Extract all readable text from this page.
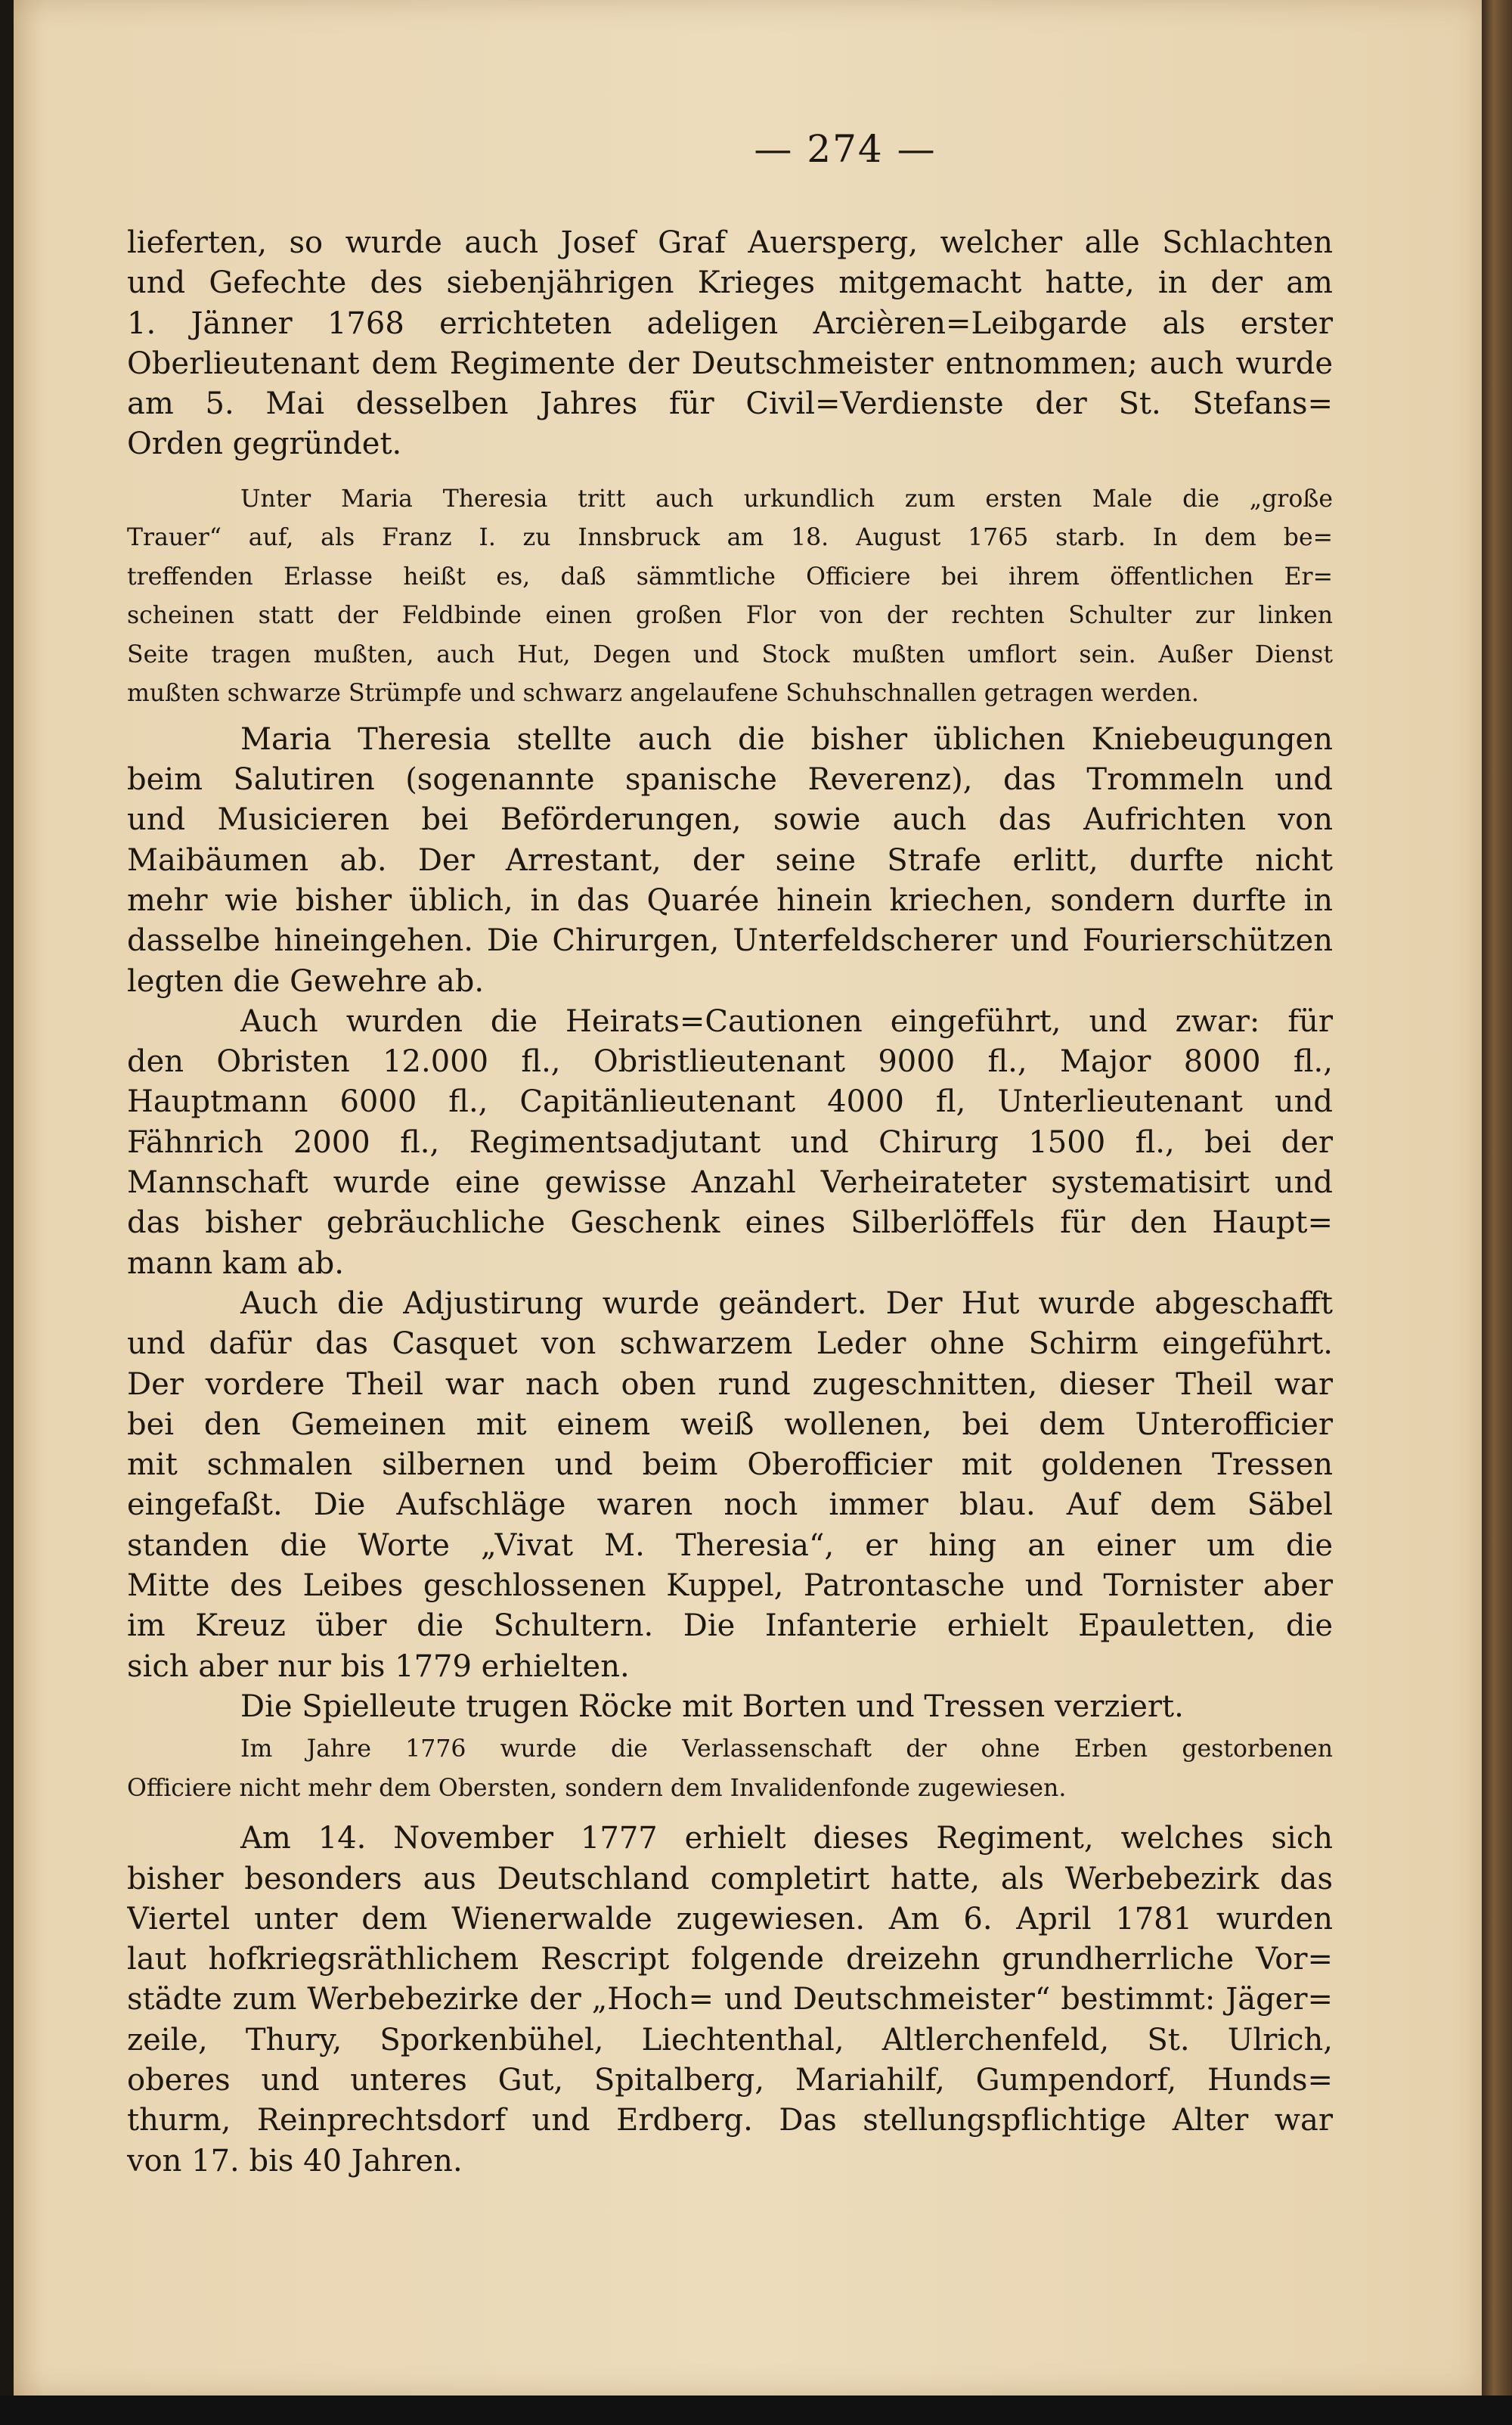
— 274 —
lieferten, so wurde auch Josef Graf Auersperg, welcher alle Schlachten
und Gefechte des siebenjährigen Krieges mitgemacht hatte, in der am
1. Jänner 1768 errichteten adeligen Arcièren=Leibgarde als erster
Oberlieutenant dem Regimente der Deutschmeister entnommen; auch wurde
am 5. Mai desselben Jahres für Civil=Verdienste der St. Stefans=
Orden gegründet.
Unter Maria Theresia tritt auch urkundlich zum ersten Male die „große
Trauer“ auf, als Franz I. zu Innsbruck am 18. August 1765 starb. In dem be=
treffenden Erlasse heißt es, daß sämmtliche Officiere bei ihrem öffentlichen Er=
scheinen statt der Feldbinde einen großen Flor von der rechten Schulter zur linken
Seite tragen mußten, auch Hut, Degen und Stock mußten umflort sein. Außer Dienst
mußten schwarze Strümpfe und schwarz angelaufene Schuhschnallen getragen werden.
Maria Theresia stellte auch die bisher üblichen Kniebeugungen
beim Salutiren (sogenannte spanische Reverenz), das Trommeln und
und Musicieren bei Beförderungen, sowie auch das Aufrichten von
Maibäumen ab. Der Arrestant, der seine Strafe erlitt, durfte nicht
mehr wie bisher üblich, in das Quarée hinein kriechen, sondern durfte in
dasselbe hineingehen. Die Chirurgen, Unterfeldscherer und Fourierschützen
legten die Gewehre ab.
Auch wurden die Heirats=Cautionen eingeführt, und zwar: für
den Obristen 12.000 fl., Obristlieutenant 9000 fl., Major 8000 fl.,
Hauptmann 6000 fl., Capitänlieutenant 4000 fl, Unterlieutenant und
Fähnrich 2000 fl., Regimentsadjutant und Chirurg 1500 fl., bei der
Mannschaft wurde eine gewisse Anzahl Verheirateter systematisirt und
das bisher gebräuchliche Geschenk eines Silberlöffels für den Haupt=
mann kam ab.
Auch die Adjustirung wurde geändert. Der Hut wurde abgeschafft
und dafür das Casquet von schwarzem Leder ohne Schirm eingeführt.
Der vordere Theil war nach oben rund zugeschnitten, dieser Theil war
bei den Gemeinen mit einem weiß wollenen, bei dem Unterofficier
mit schmalen silbernen und beim Oberofficier mit goldenen Tressen
eingefaßt. Die Aufschläge waren noch immer blau. Auf dem Säbel
standen die Worte „Vivat M. Theresia“, er hing an einer um die
Mitte des Leibes geschlossenen Kuppel, Patrontasche und Tornister aber
im Kreuz über die Schultern. Die Infanterie erhielt Epauletten, die
sich aber nur bis 1779 erhielten.
Die Spielleute trugen Röcke mit Borten und Tressen verziert.
Im Jahre 1776 wurde die Verlassenschaft der ohne Erben gestorbenen
Officiere nicht mehr dem Obersten, sondern dem Invalidenfonde zugewiesen.
Am 14. November 1777 erhielt dieses Regiment, welches sich
bisher besonders aus Deutschland completirt hatte, als Werbebezirk das
Viertel unter dem Wienerwalde zugewiesen. Am 6. April 1781 wurden
laut hofkriegsräthlichem Rescript folgende dreizehn grundherrliche Vor=
städte zum Werbebezirke der „Hoch= und Deutschmeister“ bestimmt: Jäger=
zeile, Thury, Sporkenbühel, Liechtenthal, Altlerchenfeld, St. Ulrich,
oberes und unteres Gut, Spitalberg, Mariahilf, Gumpendorf, Hunds=
thurm, Reinprechtsdorf und Erdberg. Das stellungspflichtige Alter war
von 17. bis 40 Jahren.
